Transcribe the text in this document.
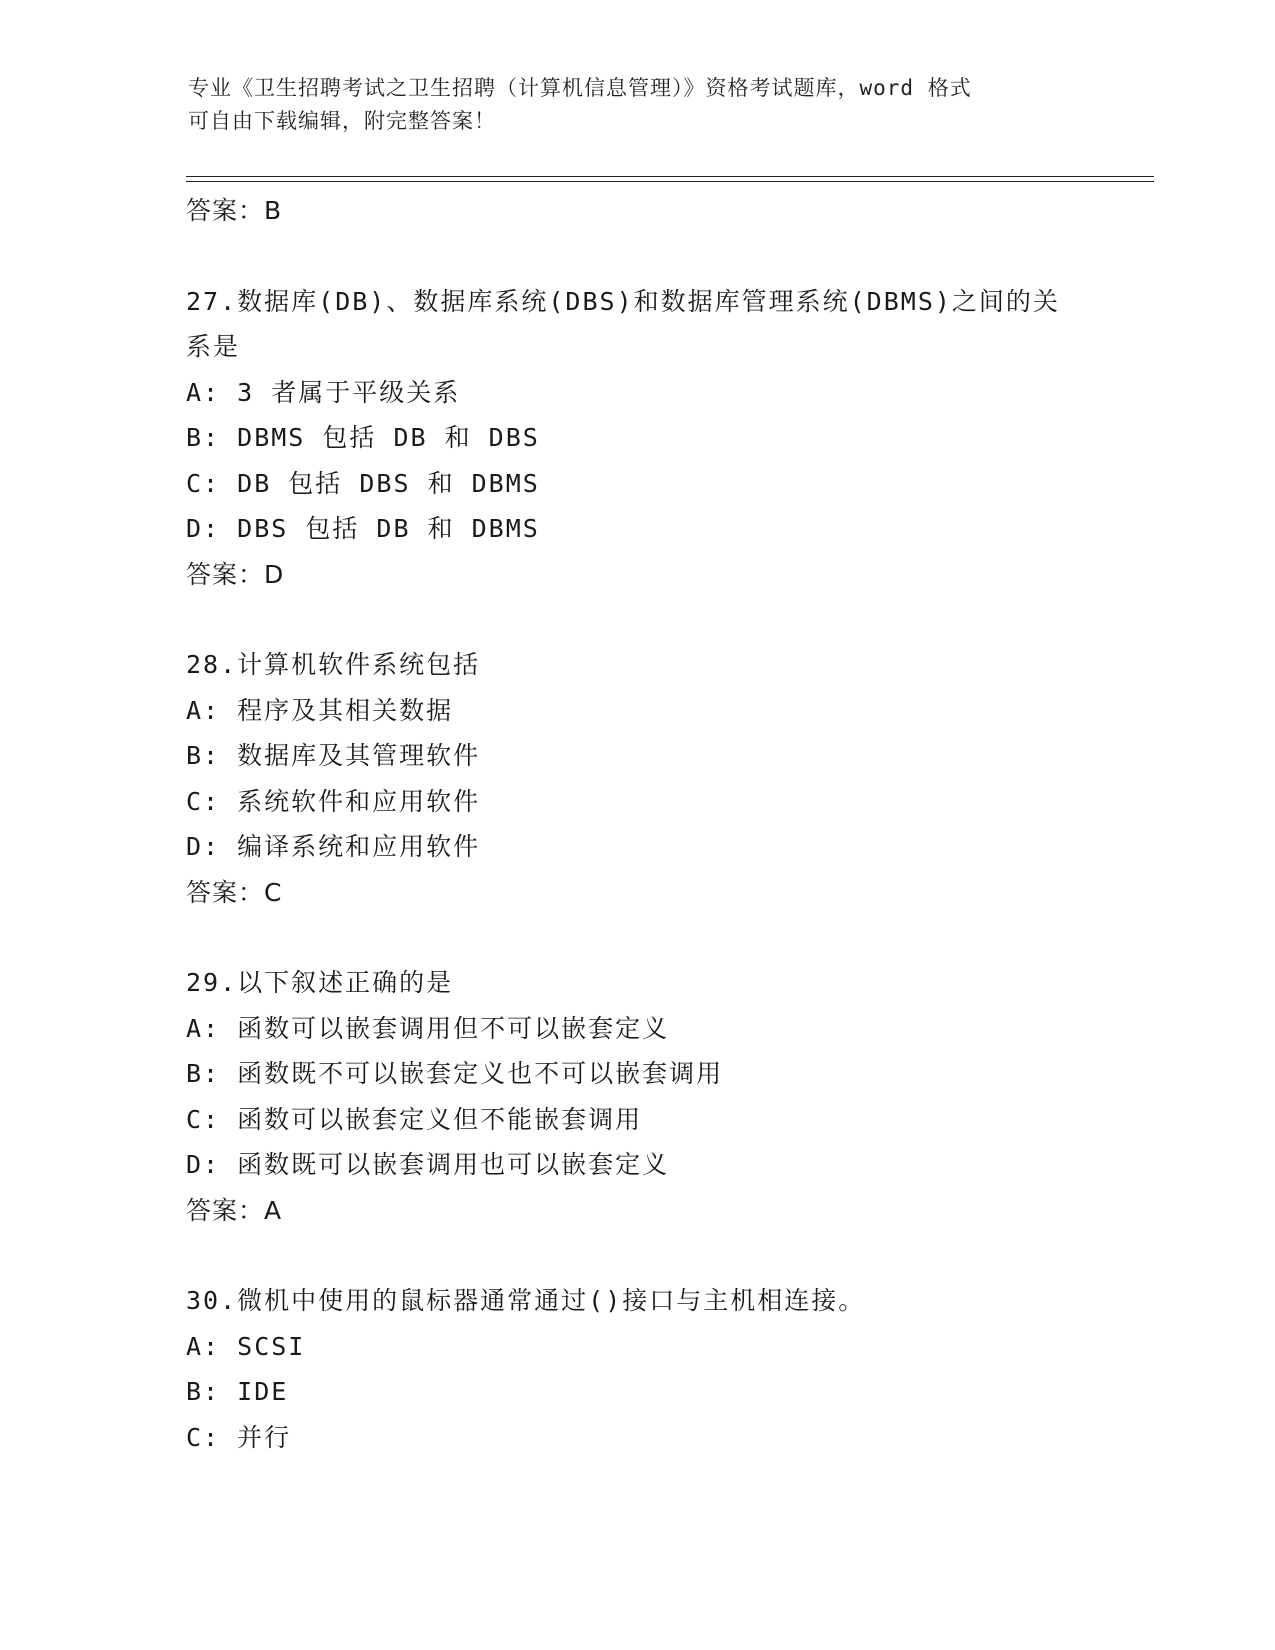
专业《卫生招聘考试之卫生招聘（计算机信息管理）》资格考试题库，word 格式
可自由下载编辑，附完整答案！
答案：B
27.数据库(DB)、数据库系统(DBS)和数据库管理系统(DBMS)之间的关
系是
A: 3 者属于平级关系
B: DBMS 包括 DB 和 DBS
C: DB 包括 DBS 和 DBMS
D: DBS 包括 DB 和 DBMS
答案：D
28.计算机软件系统包括
A: 程序及其相关数据
B: 数据库及其管理软件
C: 系统软件和应用软件
D: 编译系统和应用软件
答案：C
29.以下叙述正确的是
A: 函数可以嵌套调用但不可以嵌套定义
B: 函数既不可以嵌套定义也不可以嵌套调用
C: 函数可以嵌套定义但不能嵌套调用
D: 函数既可以嵌套调用也可以嵌套定义
答案：A
30.微机中使用的鼠标器通常通过()接口与主机相连接。
A: SCSI
B: IDE
C: 并行
